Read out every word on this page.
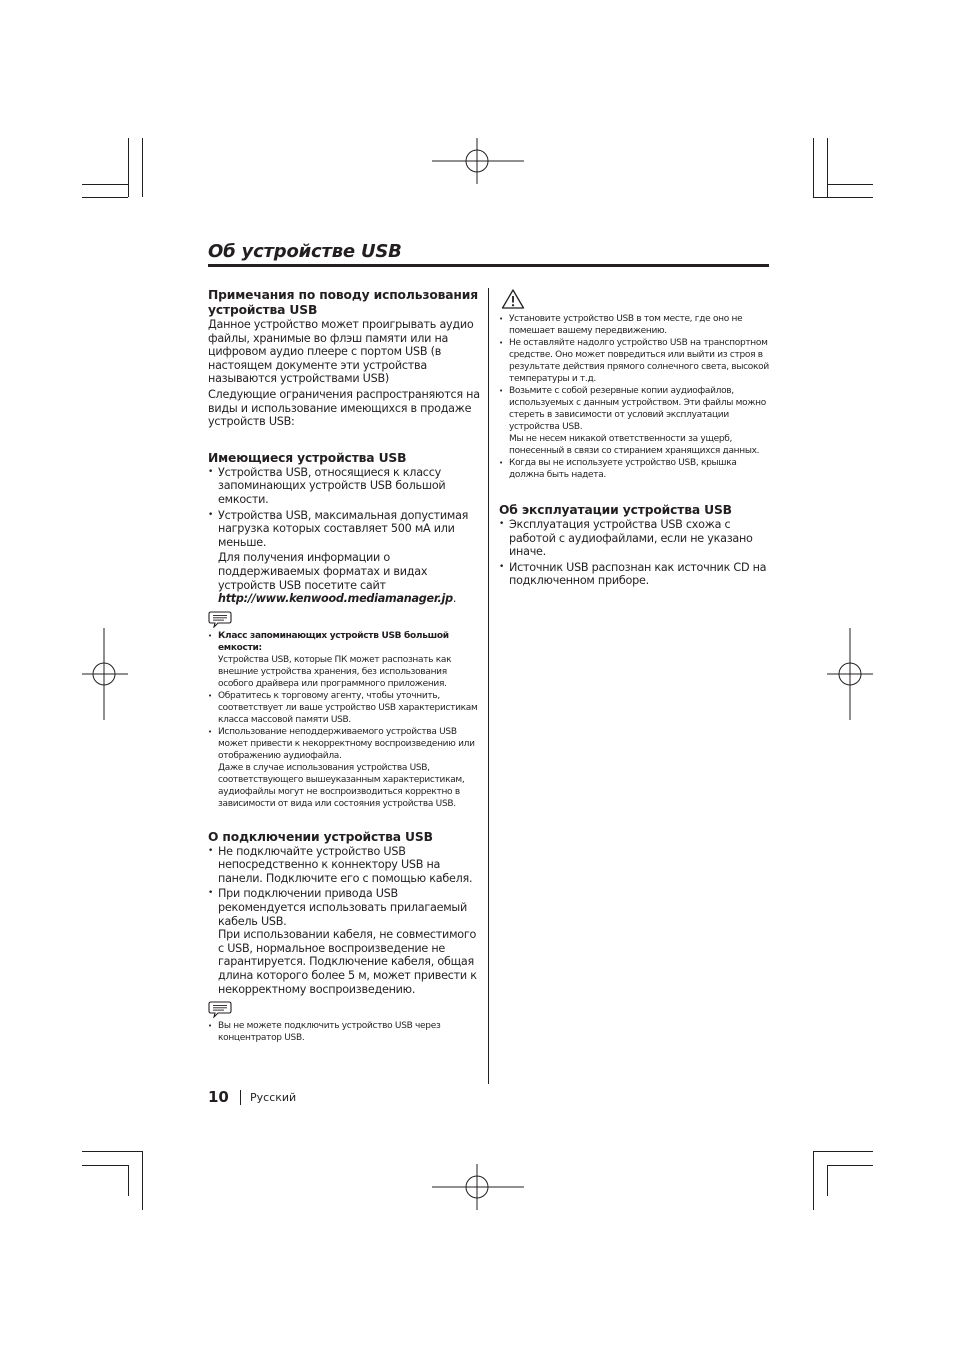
Об устройстве USB
Примечания по поводу использования устройства USB

Данное устройство может проигрывать аудио файлы, хранимые во флэш памяти или на цифровом аудио плеере с портом USB (в настоящем документе эти устройства называются устройствами USB)

Следующие ограничения распространяются на виды и использование имеющихся в продаже устройств USB:

Имеющиеся устройства USB
• Устройства USB, относящиеся к классу запоминающих устройств USB большой емкости.
• Устройства USB, максимальная допустимая нагрузка которых составляет 500 мА или меньше.
Для получения информации о поддерживаемых форматах и видах устройств USB посетите сайт http://www.kenwood.mediamanager.jp.
• Класс запоминающих устройств USB большой емкости:
Устройства USB, которые ПК может распознать как внешние устройства хранения, без использования особого драйвера или программного приложения.
• Обратитесь к торговому агенту, чтобы уточнить, соответствует ли ваше устройство USB характеристикам класса массовой памяти USB.
• Использование неподдерживаемого устройства USB может привести к некорректному воспроизведению или отображению аудиофайла.
Даже в случае использования устройства USB, соответствующего вышеуказанным характеристикам, аудиофайлы могут не воспроизводиться корректно в зависимости от вида или состояния устройства USB.
О подключении устройства USB
• Не подключайте устройство USB непосредственно к коннектору USB на панели. Подключите его с помощью кабеля.
• При подключении привода USB рекомендуется использовать прилагаемый кабель USB.
При использовании кабеля, не совместимого с USB, нормальное воспроизведение не гарантируется. Подключение кабеля, общая длина которого более 5 м, может привести к некорректному воспроизведению.
• Вы не можете подключить устройство USB через концентратор USB.
• Установите устройство USB в том месте, где оно не помешает вашему передвижению.
• Не оставляйте надолго устройство USB на транспортном средстве. Оно может повредиться или выйти из строя в результате действия прямого солнечного света, высокой температуры и т.д.
• Возьмите с собой резервные копии аудиофайлов, используемых с данным устройством. Эти файлы можно стереть в зависимости от условий эксплуатации устройства USB.
Мы не несем никакой ответственности за ущерб, понесенный в связи со стиранием хранящихся данных.
• Когда вы не используете устройство USB, крышка должна быть надета.
Об эксплуатации устройства USB
• Эксплуатация устройства USB схожа с работой с аудиофайлами, если не указано иначе.
• Источник USB распознан как источник CD на подключенном приборе.
10 Русский
